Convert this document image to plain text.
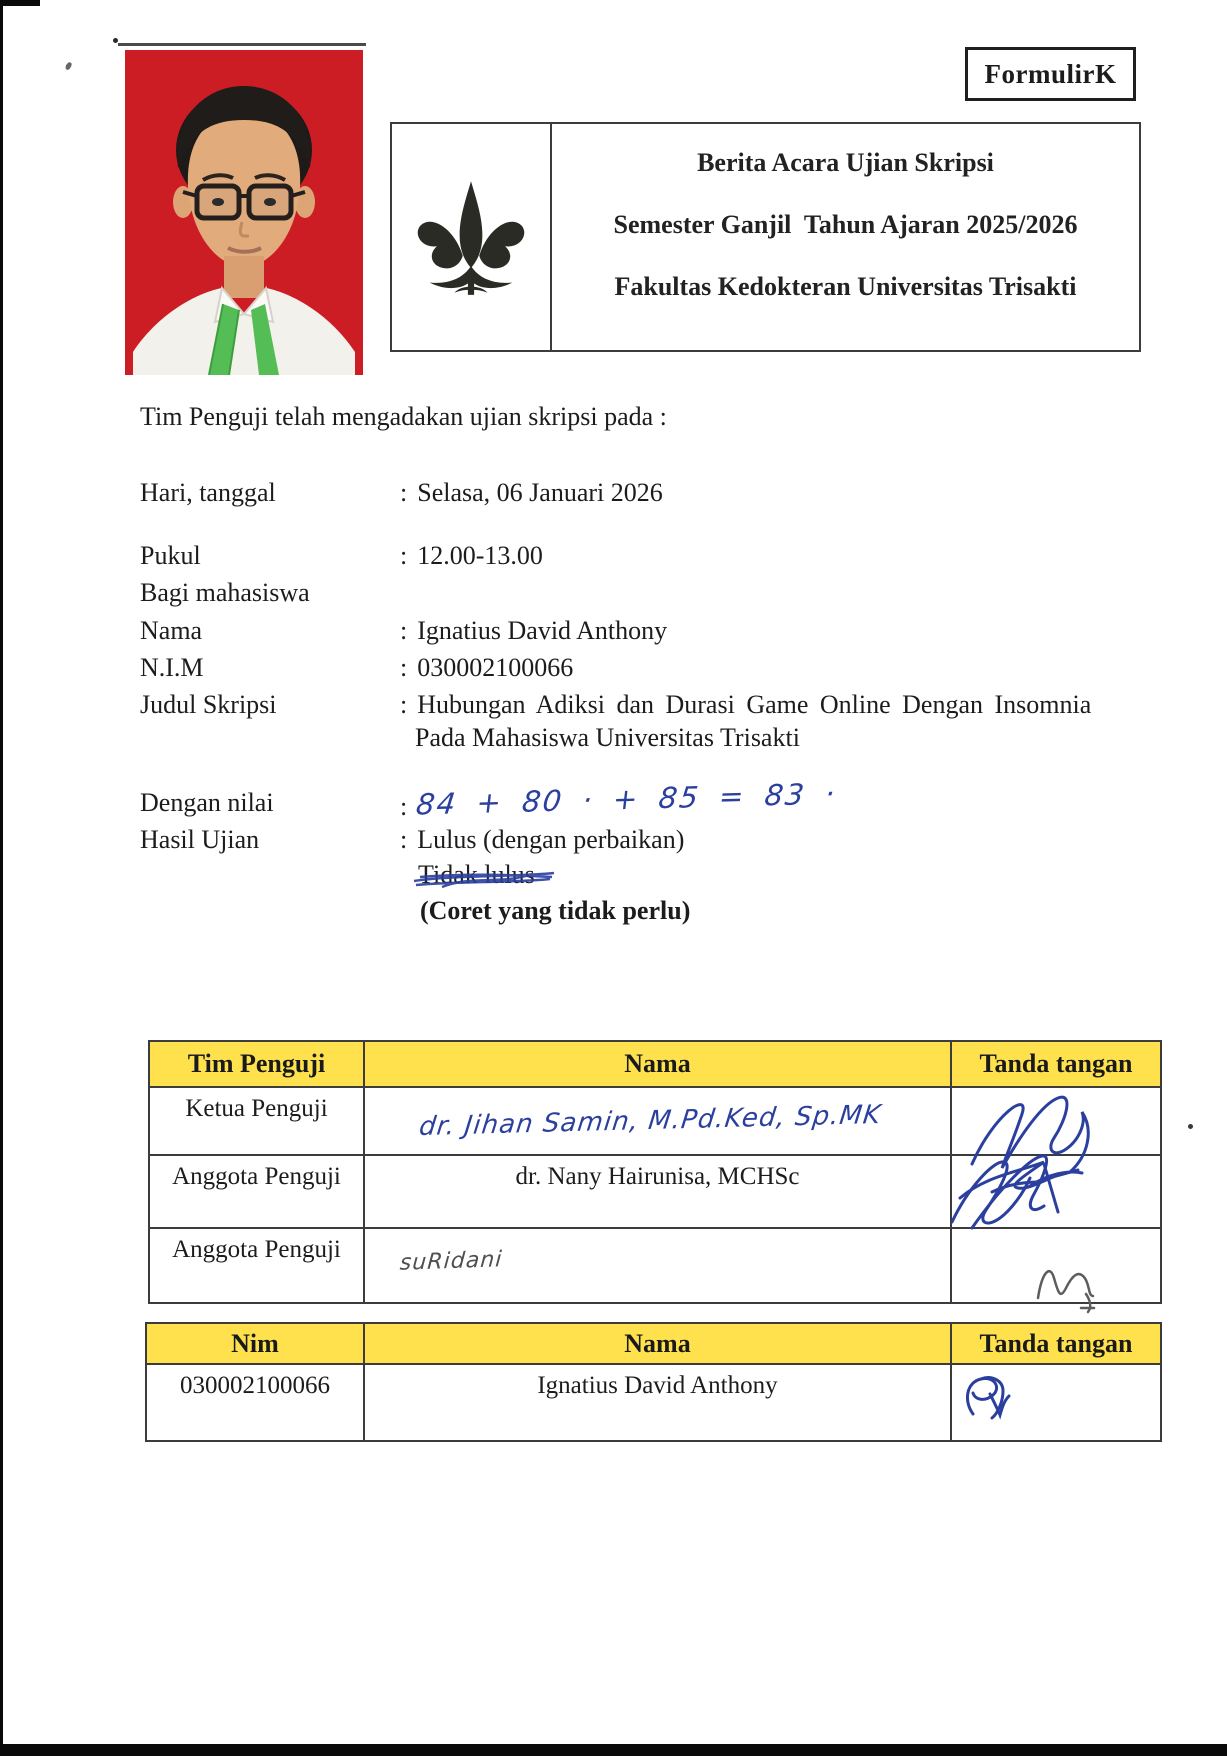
FormulirK
Berita Acara Ujian Skripsi
Semester Ganjil  Tahun Ajaran 2025/2026
Fakultas Kedokteran Universitas Trisakti
Tim Penguji telah mengadakan ujian skripsi pada :
Hari, tanggal	: Selasa, 06 Januari 2026
Pukul	: 12.00-13.00
Bagi mahasiswa
Nama	: Ignatius David Anthony
N.I.M	: 030002100066
Judul Skripsi	: Hubungan Adiksi dan Durasi Game Online Dengan Insomnia
Pada Mahasiswa Universitas Trisakti
Dengan nilai	: 84 + 80 · + 85 = 83 ·
Hasil Ujian	: Lulus (dengan perbaikan)
Tidak lulus
(Coret yang tidak perlu)
Tim Penguji	Nama	Tanda tangan
Ketua Penguji	dr. Jihan Samin, M.Pd.Ked, Sp.MK	

Anggota Penguji	dr. Nany Hairunisa, MCHSc	
Anggota Penguji	suRidani	

Nim	Nama	Tanda tangan
030002100066	Ignatius David Anthony	
